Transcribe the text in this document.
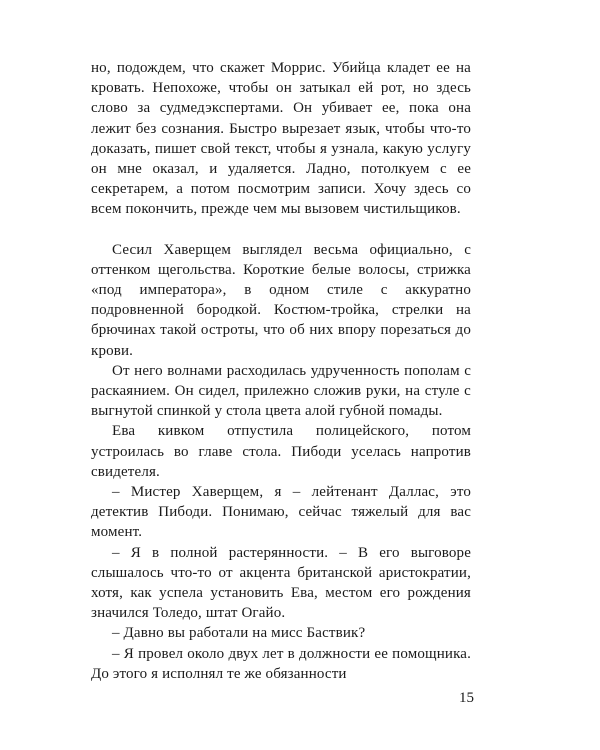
но, подождем, что скажет Моррис. Убийца кладет ее на кровать. Непохоже, чтобы он затыкал ей рот, но здесь слово за судмедэкспертами. Он убивает ее, пока она лежит без сознания. Быстро вырезает язык, чтобы что-то доказать, пишет свой текст, чтобы я узнала, какую услугу он мне оказал, и удаляется. Ладно, потолкуем с ее секретарем, а потом посмотрим записи. Хочу здесь со всем покончить, прежде чем мы вызовем чистильщиков.

Сесил Хаверщем выглядел весьма официально, с оттенком щегольства. Короткие белые волосы, стрижка «под императора», в одном стиле с аккуратно подровненной бородкой. Костюм-тройка, стрелки на брючинах такой остроты, что об них впору порезаться до крови.

От него волнами расходилась удрученность пополам с раскаянием. Он сидел, прилежно сложив руки, на стуле с выгнутой спинкой у стола цвета алой губной помады.

Ева кивком отпустила полицейского, потом устроилась во главе стола. Пибоди уселась напротив свидетеля.

– Мистер Хаверщем, я – лейтенант Даллас, это детектив Пибоди. Понимаю, сейчас тяжелый для вас момент.

– Я в полной растерянности. – В его выговоре слышалось что-то от акцента британской аристократии, хотя, как успела установить Ева, местом его рождения значился Толедо, штат Огайо.

– Давно вы работали на мисс Баствик?

– Я провел около двух лет в должности ее помощника. До этого я исполнял те же обязанности

15
